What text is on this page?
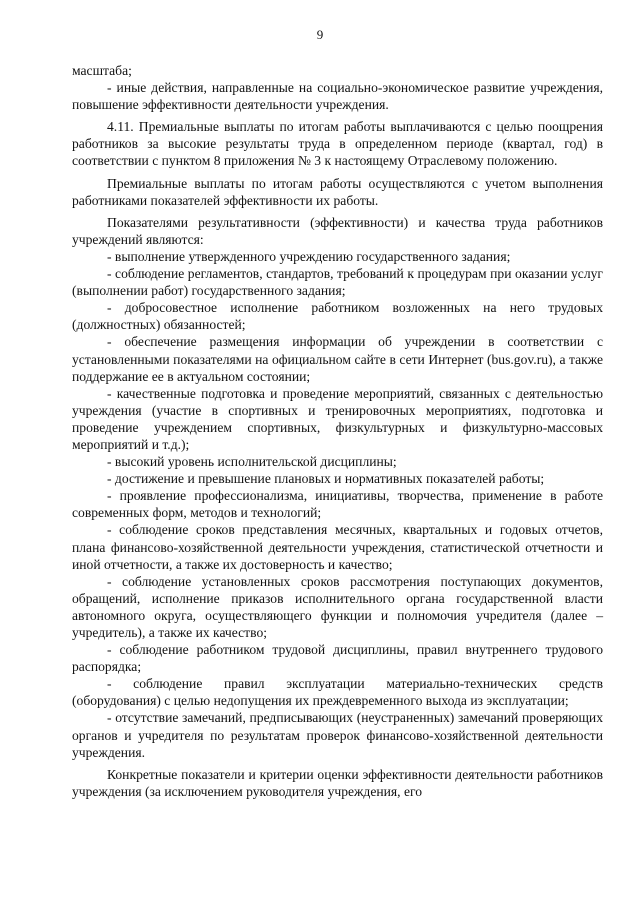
9

масштаба;

- иные действия, направленные на социально-экономическое развитие учреждения, повышение эффективности деятельности учреждения.

4.11. Премиальные выплаты по итогам работы выплачиваются с целью поощрения работников за высокие результаты труда в определенном периоде (квартал, год) в соответствии с пунктом 8 приложения № 3 к настоящему Отраслевому положению.

Премиальные выплаты по итогам работы осуществляются с учетом выполнения работниками показателей эффективности их работы.

Показателями результативности (эффективности) и качества труда работников учреждений являются:

- выполнение утвержденного учреждению государственного задания;

- соблюдение регламентов, стандартов, требований к процедурам при оказании услуг (выполнении работ) государственного задания;

- добросовестное исполнение работником возложенных на него трудовых (должностных) обязанностей;

- обеспечение размещения информации об учреждении в соответствии с установленными показателями на официальном сайте в сети Интернет (bus.gov.ru), а также поддержание ее в актуальном состоянии;

- качественные подготовка и проведение мероприятий, связанных с деятельностью учреждения (участие в спортивных и тренировочных мероприятиях, подготовка и проведение учреждением спортивных, физкультурных и физкультурно-массовых мероприятий и т.д.);

- высокий уровень исполнительской дисциплины;

- достижение и превышение плановых и нормативных показателей работы;

- проявление профессионализма, инициативы, творчества, применение в работе современных форм, методов и технологий;

- соблюдение сроков представления месячных, квартальных и годовых отчетов, плана финансово-хозяйственной деятельности учреждения, статистической отчетности и иной отчетности, а также их достоверность и качество;

- соблюдение установленных сроков рассмотрения поступающих документов, обращений, исполнение приказов исполнительного органа государственной власти автономного округа, осуществляющего функции и полномочия учредителя (далее – учредитель), а также их качество;

- соблюдение работником трудовой дисциплины, правил внутреннего трудового распорядка;

- соблюдение правил эксплуатации материально-технических средств (оборудования) с целью недопущения их преждевременного выхода из эксплуатации;

- отсутствие замечаний, предписывающих (неустраненных) замечаний проверяющих органов и учредителя по результатам проверок финансово-хозяйственной деятельности учреждения.

Конкретные показатели и критерии оценки эффективности деятельности работников учреждения (за исключением руководителя учреждения, его
